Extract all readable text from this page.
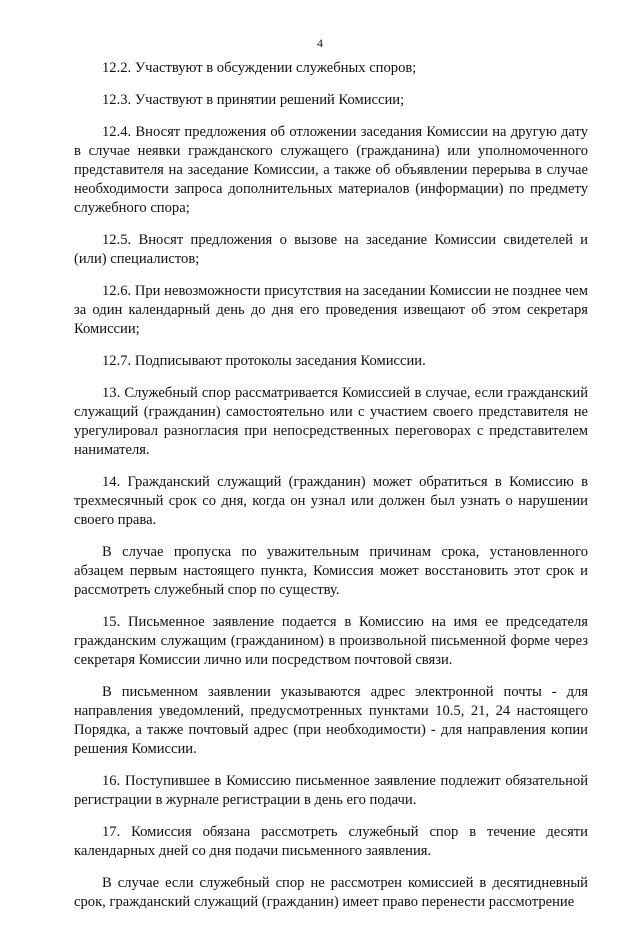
4

12.2. Участвуют в обсуждении служебных споров;

12.3. Участвуют в принятии решений Комиссии;

12.4. Вносят предложения об отложении заседания Комиссии на другую дату в случае неявки гражданского служащего (гражданина) или уполномоченного представителя на заседание Комиссии, а также об объявлении перерыва в случае необходимости запроса дополнительных материалов (информации) по предмету служебного спора;

12.5. Вносят предложения о вызове на заседание Комиссии свидетелей и (или) специалистов;

12.6. При невозможности присутствия на заседании Комиссии не позднее чем за один календарный день до дня его проведения извещают об этом секретаря Комиссии;

12.7. Подписывают протоколы заседания Комиссии.

13. Служебный спор рассматривается Комиссией в случае, если гражданский служащий (гражданин) самостоятельно или с участием своего представителя не урегулировал разногласия при непосредственных переговорах с представителем нанимателя.

14. Гражданский служащий (гражданин) может обратиться в Комиссию в трехмесячный срок со дня, когда он узнал или должен был узнать о нарушении своего права.

В случае пропуска по уважительным причинам срока, установленного абзацем первым настоящего пункта, Комиссия может восстановить этот срок и рассмотреть служебный спор по существу.

15. Письменное заявление подается в Комиссию на имя ее председателя гражданским служащим (гражданином) в произвольной письменной форме через секретаря Комиссии лично или посредством почтовой связи.

В письменном заявлении указываются адрес электронной почты - для направления уведомлений, предусмотренных пунктами 10.5, 21, 24 настоящего Порядка, а также почтовый адрес (при необходимости) - для направления копии решения Комиссии.

16. Поступившее в Комиссию письменное заявление подлежит обязательной регистрации в журнале регистрации в день его подачи.

17. Комиссия обязана рассмотреть служебный спор в течение десяти календарных дней со дня подачи письменного заявления.

В случае если служебный спор не рассмотрен комиссией в десятидневный срок, гражданский служащий (гражданин) имеет право перенести рассмотрение
